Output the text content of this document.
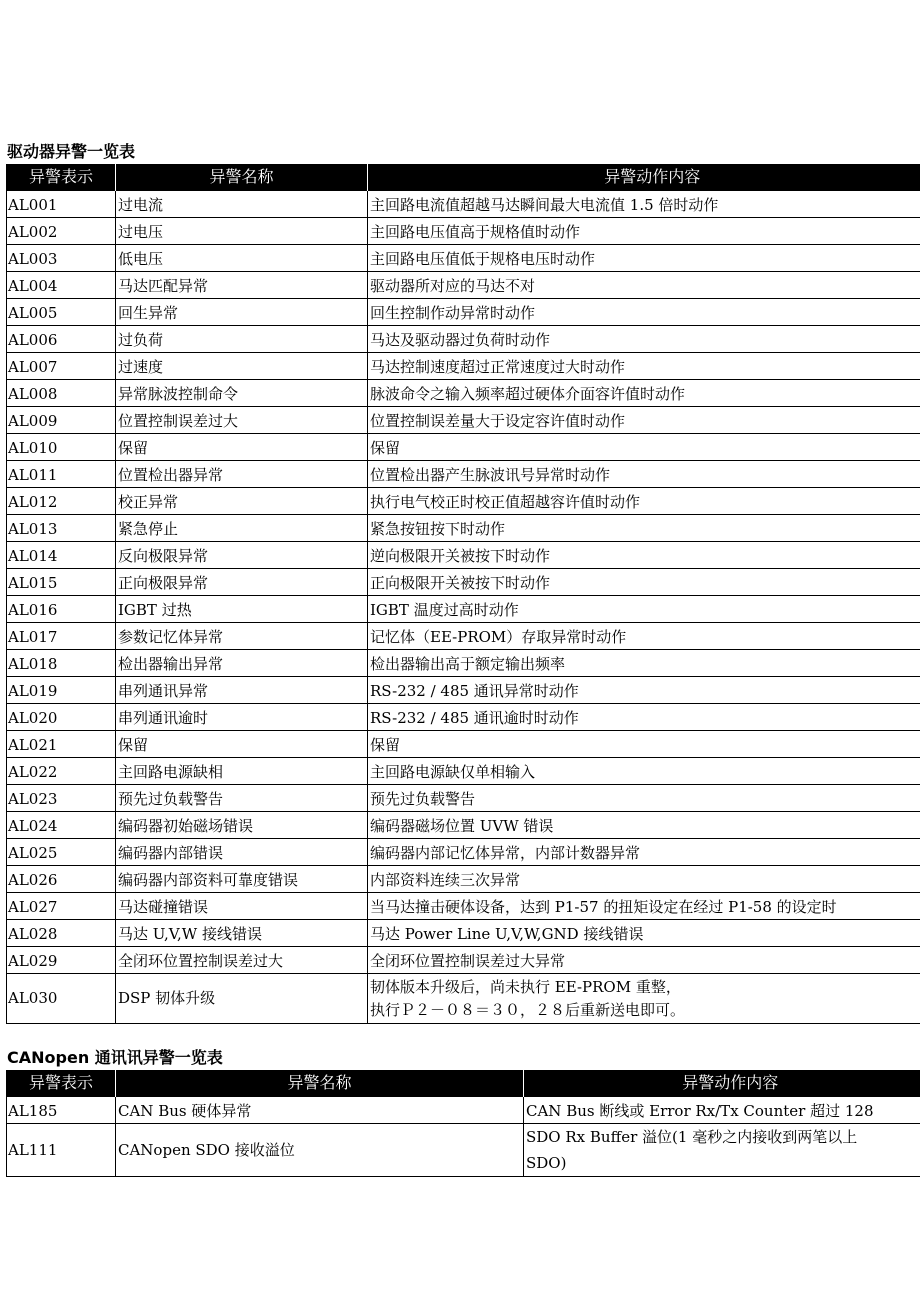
驱动器异警一览表
异警表示	异警名称	异警动作内容
AL001	过电流	主回路电流值超越马达瞬间最大电流值 1.5 倍时动作
AL002	过电压	主回路电压值高于规格值时动作
AL003	低电压	主回路电压值低于规格电压时动作
AL004	马达匹配异常	驱动器所对应的马达不对
AL005	回生异常	回生控制作动异常时动作
AL006	过负荷	马达及驱动器过负荷时动作
AL007	过速度	马达控制速度超过正常速度过大时动作
AL008	异常脉波控制命令	脉波命令之输入频率超过硬体介面容许值时动作
AL009	位置控制误差过大	位置控制误差量大于设定容许值时动作
AL010	保留	保留
AL011	位置检出器异常	位置检出器产生脉波讯号异常时动作
AL012	校正异常	执行电气校正时校正值超越容许值时动作
AL013	紧急停止	紧急按钮按下时动作
AL014	反向极限异常	逆向极限开关被按下时动作
AL015	正向极限异常	正向极限开关被按下时动作
AL016	IGBT 过热	IGBT 温度过高时动作
AL017	参数记忆体异常	记忆体（EE-PROM）存取异常时动作
AL018	检出器输出异常	检出器输出高于额定输出频率
AL019	串列通讯异常	RS-232 / 485 通讯异常时动作
AL020	串列通讯逾时	RS-232 / 485 通讯逾时时动作
AL021	保留	保留
AL022	主回路电源缺相	主回路电源缺仅单相输入
AL023	预先过负载警告	预先过负载警告
AL024	编码器初始磁场错误	编码器磁场位置 UVW 错误
AL025	编码器内部错误	编码器内部记忆体异常，内部计数器异常
AL026	编码器内部资料可靠度错误	内部资料连续三次异常
AL027	马达碰撞错误	当马达撞击硬体设备，达到 P1-57 的扭矩设定在经过 P1-58 的设定时
AL028	马达 U,V,W 接线错误	马达 Power Line U,V,W,GND 接线错误
AL029	全闭环位置控制误差过大	全闭环位置控制误差过大异常
AL030	DSP 韧体升级	韧体版本升级后，尚未执行 EE-PROM 重整，
执行Ｐ２－０８＝３０，２８后重新送电即可。
CANopen 通讯讯异警一览表
异警表示	异警名称	异警动作内容
AL185	CAN Bus 硬体异常	CAN Bus 断线或 Error Rx/Tx Counter 超过 128
AL111	CANopen SDO 接收溢位	SDO Rx Buffer 溢位(1 毫秒之内接收到两笔以上
SDO)
